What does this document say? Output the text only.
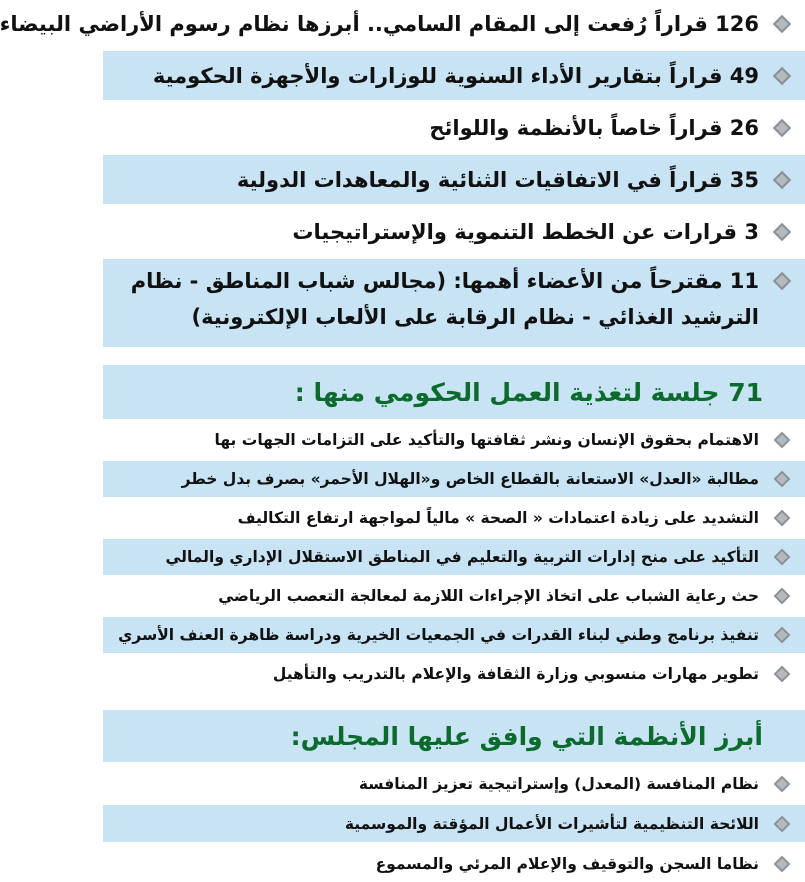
126 قراراً رُفعت إلى المقام السامي.. أبرزها نظام رسوم الأراضي البيضاء
49 قراراً بتقارير الأداء السنوية للوزارات والأجهزة الحكومية
26 قراراً خاصاً بالأنظمة واللوائح
35 قراراً في الاتفاقيات الثنائية والمعاهدات الدولية
3 قرارات عن الخطط التنموية والإستراتيجيات
11 مقترحاً من الأعضاء أهمها: (مجالس شباب المناطق - نظام الترشيد الغذائي - نظام الرقابة على الألعاب الإلكترونية)
71 جلسة لتغذية العمل الحكومي منها :
الاهتمام بحقوق الإنسان ونشر ثقافتها والتأكيد على التزامات الجهات بها
مطالبة «العدل» الاستعانة بالقطاع الخاص و«الهلال الأحمر» بصرف بدل خطر
التشديد على زيادة اعتمادات « الصحة » مالياً لمواجهة ارتفاع التكاليف
التأكيد على منح إدارات التربية والتعليم في المناطق الاستقلال الإداري والمالي
حث رعاية الشباب على اتخاذ الإجراءات اللازمة لمعالجة التعصب الرياضي
تنفيذ برنامج وطني لبناء القدرات في الجمعيات الخيرية ودراسة ظاهرة العنف الأسري
تطوير مهارات منسوبي وزارة الثقافة والإعلام بالتدريب والتأهيل
أبرز الأنظمة التي وافق عليها المجلس:
نظام المنافسة (المعدل) وإستراتيجية تعزيز المنافسة
اللائحة التنظيمية لتأشيرات الأعمال المؤقتة والموسمية
نظاما السجن والتوقيف والإعلام المرئي والمسموع
